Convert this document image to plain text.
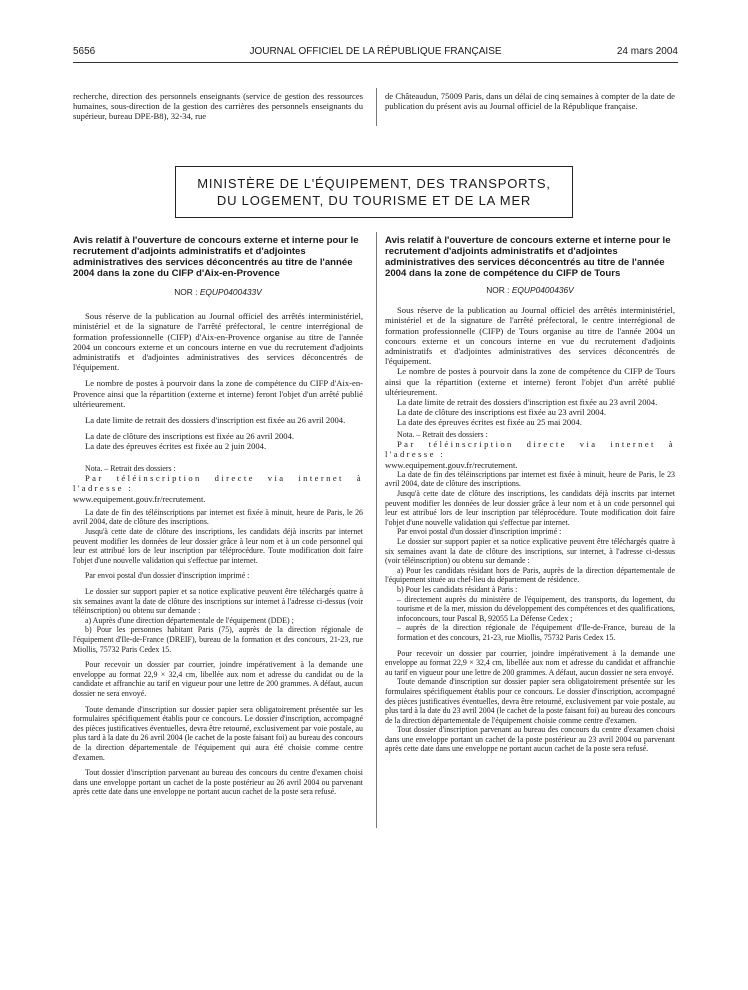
5656	JOURNAL OFFICIEL DE LA RÉPUBLIQUE FRANÇAISE	24 mars 2004

recherche, direction des personnels enseignants (service de gestion des ressources humaines, sous-direction de la gestion des carrières des personnels enseignants du supérieur, bureau DPE-B8), 32-34, rue

de Châteaudun, 75009 Paris, dans un délai de cinq semaines à compter de la date de publication du présent avis au Journal officiel de la République française.

MINISTÈRE DE L'ÉQUIPEMENT, DES TRANSPORTS,
DU LOGEMENT, DU TOURISME ET DE LA MER
Avis relatif à l'ouverture de concours externe et interne pour le recrutement d'adjoints administratifs et d'adjointes administratives des services déconcentrés au titre de l'année 2004 dans la zone du CIFP d'Aix-en-Provence
NOR : EQUP0400433V

Sous réserve de la publication au Journal officiel des arrêtés interministériel, ministériel et de la signature de l'arrêté préfectoral, le centre interrégional de formation professionnelle (CIFP) d'Aix-en-Provence organise au titre de l'année 2004 un concours externe et un concours interne en vue du recrutement d'adjoints administratifs et d'adjointes administratives des services déconcentrés de l'équipement.

Le nombre de postes à pourvoir dans la zone de compétence du CIFP d'Aix-en-Provence ainsi que la répartition (externe et interne) feront l'objet d'un arrêté publié ultérieurement.

La date limite de retrait des dossiers d'inscription est fixée au 26 avril 2004.

La date de clôture des inscriptions est fixée au 26 avril 2004.

La date des épreuves écrites est fixée au 2 juin 2004.

Nota. – Retrait des dossiers :

Par téléinscription directe via internet à l'adresse :

www.equipement.gouv.fr/recrutement.

La date de fin des téléinscriptions par internet est fixée à minuit, heure de Paris, le 26 avril 2004, date de clôture des inscriptions.

Jusqu'à cette date de clôture des inscriptions, les candidats déjà inscrits par internet peuvent modifier les données de leur dossier grâce à leur nom et à un code personnel qui leur est attribué lors de leur inscription par téléprocédure. Toute modification doit faire l'objet d'une nouvelle validation qui s'effectue par internet.

Par envoi postal d'un dossier d'inscription imprimé :

Le dossier sur support papier et sa notice explicative peuvent être téléchargés quatre à six semaines avant la date de clôture des inscriptions sur internet à l'adresse ci-dessus (voir téléinscription) ou obtenu sur demande :

a) Auprès d'une direction départementale de l'équipement (DDE) ;

b) Pour les personnes habitant Paris (75), auprès de la direction régionale de l'équipement d'Ile-de-France (DREIF), bureau de la formation et des concours, 21-23, rue Miollis, 75732 Paris Cedex 15.

Pour recevoir un dossier par courrier, joindre impérativement à la demande une enveloppe au format 22,9 × 32,4 cm, libellée aux nom et adresse du candidat ou de la candidate et affranchie au tarif en vigueur pour une lettre de 200 grammes. A défaut, aucun dossier ne sera envoyé.

Toute demande d'inscription sur dossier papier sera obligatoirement présentée sur les formulaires spécifiquement établis pour ce concours. Le dossier d'inscription, accompagné des pièces justificatives éventuelles, devra être retourné, exclusivement par voie postale, au plus tard à la date du 26 avril 2004 (le cachet de la poste faisant foi) au bureau des concours de la direction départementale de l'équipement qui aura été choisie comme centre d'examen.

Tout dossier d'inscription parvenant au bureau des concours du centre d'examen choisi dans une enveloppe portant un cachet de la poste postérieur au 26 avril 2004 ou parvenant après cette date dans une enveloppe ne portant aucun cachet de la poste sera refusé.

Avis relatif à l'ouverture de concours externe et interne pour le recrutement d'adjoints administratifs et d'adjointes administratives des services déconcentrés au titre de l'année 2004 dans la zone de compétence du CIFP de Tours
NOR : EQUP0400436V

Sous réserve de la publication au Journal officiel des arrêtés interministériel, ministériel et de la signature de l'arrêté préfectoral, le centre interrégional de formation professionnelle (CIFP) de Tours organise au titre de l'année 2004 un concours externe et un concours interne en vue du recrutement d'adjoints administratifs et d'adjointes administratives des services déconcentrés de l'équipement.

Le nombre de postes à pourvoir dans la zone de compétence du CIFP de Tours ainsi que la répartition (externe et interne) feront l'objet d'un arrêté publié ultérieurement.

La date limite de retrait des dossiers d'inscription est fixée au 23 avril 2004.

La date de clôture des inscriptions est fixée au 23 avril 2004.

La date des épreuves écrites est fixée au 25 mai 2004.

Nota. – Retrait des dossiers :

Par téléinscription directe via internet à l'adresse :

www.equipement.gouv.fr/recrutement.

La date de fin des téléinscriptions par internet est fixée à minuit, heure de Paris, le 23 avril 2004, date de clôture des inscriptions.

Jusqu'à cette date de clôture des inscriptions, les candidats déjà inscrits par internet peuvent modifier les données de leur dossier grâce à leur nom et à un code personnel qui leur est attribué lors de leur inscription par téléprocédure. Toute modification doit faire l'objet d'une nouvelle validation qui s'effectue par internet.

Par envoi postal d'un dossier d'inscription imprimé :

Le dossier sur support papier et sa notice explicative peuvent être téléchargés quatre à six semaines avant la date de clôture des inscriptions, sur internet, à l'adresse ci-dessus (voir téléinscription) ou obtenu sur demande :

a) Pour les candidats résidant hors de Paris, auprès de la direction départementale de l'équipement située au chef-lieu du département de résidence.

b) Pour les candidats résidant à Paris :

– directement auprès du ministère de l'équipement, des transports, du logement, du tourisme et de la mer, mission du développement des compétences et des qualifications, infoconcours, tour Pascal B, 92055 La Défense Cedex ;

– auprès de la direction régionale de l'équipement d'Ile-de-France, bureau de la formation et des concours, 21-23, rue Miollis, 75732 Paris Cedex 15.

Pour recevoir un dossier par courrier, joindre impérativement à la demande une enveloppe au format 22,9 × 32,4 cm, libellée aux nom et adresse du candidat et affranchie au tarif en vigueur pour une lettre de 200 grammes. A défaut, aucun dossier ne sera envoyé.

Toute demande d'inscription sur dossier papier sera obligatoirement présentée sur les formulaires spécifiquement établis pour ce concours. Le dossier d'inscription, accompagné des pièces justificatives éventuelles, devra être retourné, exclusivement par voie postale, au plus tard à la date du 23 avril 2004 (le cachet de la poste faisant foi) au bureau des concours de la direction départementale de l'équipement choisie comme centre d'examen.

Tout dossier d'inscription parvenant au bureau des concours du centre d'examen choisi dans une enveloppe portant un cachet de la poste postérieur au 23 avril 2004 ou parvenant après cette date dans une enveloppe ne portant aucun cachet de la poste sera refusé.
